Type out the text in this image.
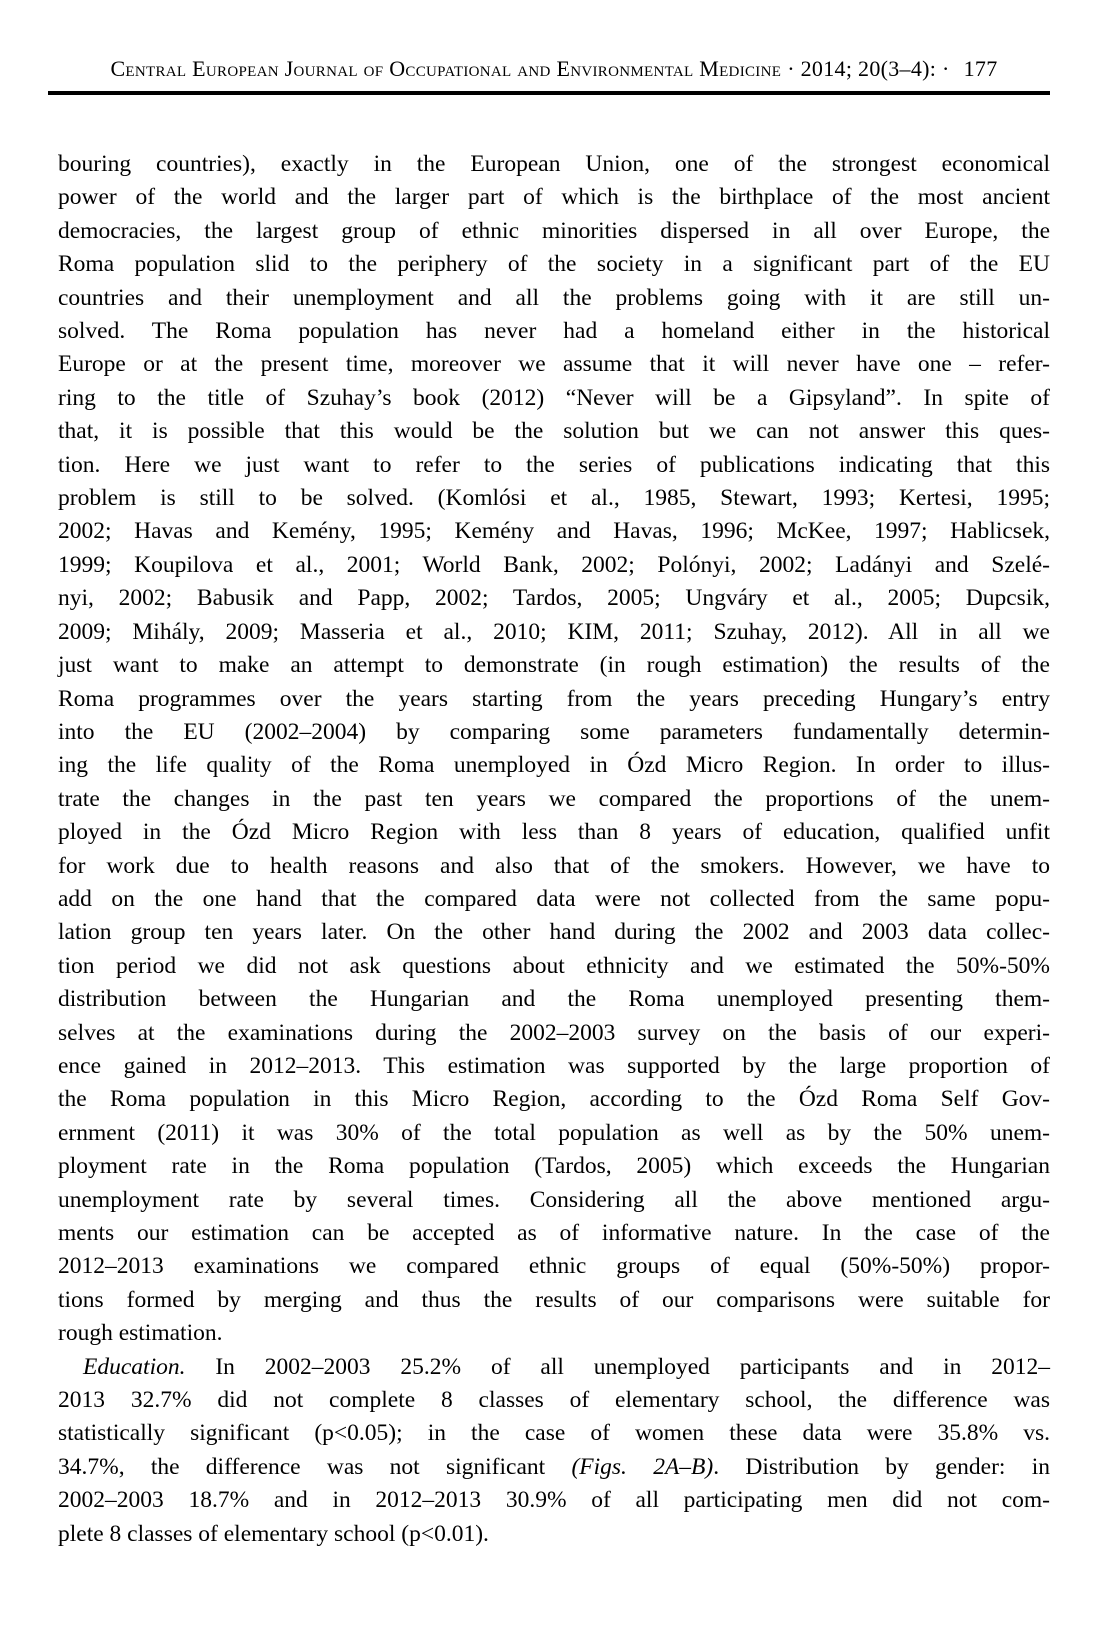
Central European Journal of Occupational and Environmental Medicine · 2014; 20(3–4): · 177
bouring countries), exactly in the European Union, one of the strongest economical
power of the world and the larger part of which is the birthplace of the most ancient
democracies, the largest group of ethnic minorities dispersed in all over Europe, the
Roma population slid to the periphery of the society in a significant part of the EU
countries and their unemployment and all the problems going with it are still un-
solved. The Roma population has never had a homeland either in the historical
Europe or at the present time, moreover we assume that it will never have one – refer-
ring to the title of Szuhay’s book (2012) “Never will be a Gipsyland”. In spite of
that, it is possible that this would be the solution but we can not answer this ques-
tion. Here we just want to refer to the series of publications indicating that this
problem is still to be solved. (Komlósi et al., 1985, Stewart, 1993; Kertesi, 1995;
2002; Havas and Kemény, 1995; Kemény and Havas, 1996; McKee, 1997; Hablicsek,
1999; Koupilova et al., 2001; World Bank, 2002; Polónyi, 2002; Ladányi and Szelé-
nyi, 2002; Babusik and Papp, 2002; Tardos, 2005; Ungváry et al., 2005; Dupcsik,
2009; Mihály, 2009; Masseria et al., 2010; KIM, 2011; Szuhay, 2012). All in all we
just want to make an attempt to demonstrate (in rough estimation) the results of the
Roma programmes over the years starting from the years preceding Hungary’s entry
into the EU (2002–2004) by comparing some parameters fundamentally determin-
ing the life quality of the Roma unemployed in Ózd Micro Region. In order to illus-
trate the changes in the past ten years we compared the proportions of the unem-
ployed in the Ózd Micro Region with less than 8 years of education, qualified unfit
for work due to health reasons and also that of the smokers. However, we have to
add on the one hand that the compared data were not collected from the same popu-
lation group ten years later. On the other hand during the 2002 and 2003 data collec-
tion period we did not ask questions about ethnicity and we estimated the 50%-50%
distribution between the Hungarian and the Roma unemployed presenting them-
selves at the examinations during the 2002–2003 survey on the basis of our experi-
ence gained in 2012–2013. This estimation was supported by the large proportion of
the Roma population in this Micro Region, according to the Ózd Roma Self Gov-
ernment (2011) it was 30% of the total population as well as by the 50% unem-
ployment rate in the Roma population (Tardos, 2005) which exceeds the Hungarian
unemployment rate by several times. Considering all the above mentioned argu-
ments our estimation can be accepted as of informative nature. In the case of the
2012–2013 examinations we compared ethnic groups of equal (50%-50%) propor-
tions formed by merging and thus the results of our comparisons were suitable for
rough estimation.
Education. In 2002–2003 25.2% of all unemployed participants and in 2012–
2013 32.7% did not complete 8 classes of elementary school, the difference was
statistically significant (p<0.05); in the case of women these data were 35.8% vs.
34.7%, the difference was not significant (Figs. 2A–B). Distribution by gender: in
2002–2003 18.7% and in 2012–2013 30.9% of all participating men did not com-
plete 8 classes of elementary school (p<0.01).
